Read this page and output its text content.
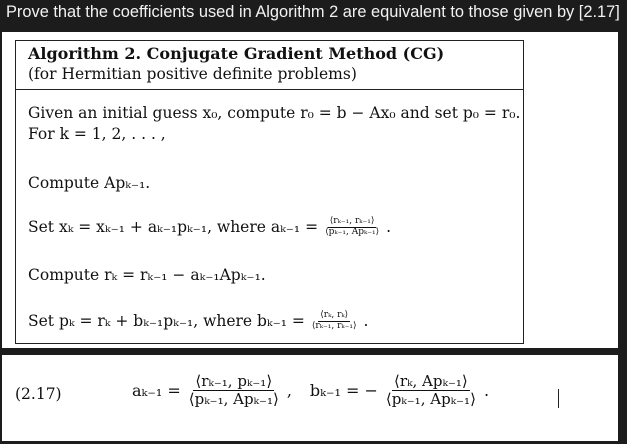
Prove that the coefficients used in Algorithm 2 are equivalent to those given by [2.17]
Algorithm 2. Conjugate Gradient Method (CG)
(for Hermitian positive definite problems)
Given an initial guess x₀, compute r₀ = b − Ax₀ and set p₀ = r₀.
For k = 1, 2, . . . ,
Compute Apₖ₋₁.
Set xₖ = xₖ₋₁ + aₖ₋₁pₖ₋₁, where $a_{k-1} = \frac{\text{⟨rₖ₋₁, rₖ₋₁⟩}}{\text{⟨pₖ₋₁, Apₖ₋₁⟩}}$ .
Compute rₖ = rₖ₋₁ − aₖ₋₁Apₖ₋₁.
Set pₖ = rₖ + bₖ₋₁pₖ₋₁, where $b_{k-1} = \frac{\text{⟨rₖ, rₖ⟩}}{\text{⟨rₖ₋₁, rₖ₋₁⟩}}$ .
(2.17)	$a_{k-1} = \frac{\text{⟨rₖ₋₁, pₖ₋₁⟩}}{\text{⟨pₖ₋₁, Apₖ₋₁⟩}}$ , bₖ₋₁ = − $\frac{\text{⟨rₖ, Apₖ₋₁⟩}}{\text{⟨pₖ₋₁, Apₖ₋₁⟩}}$ .
